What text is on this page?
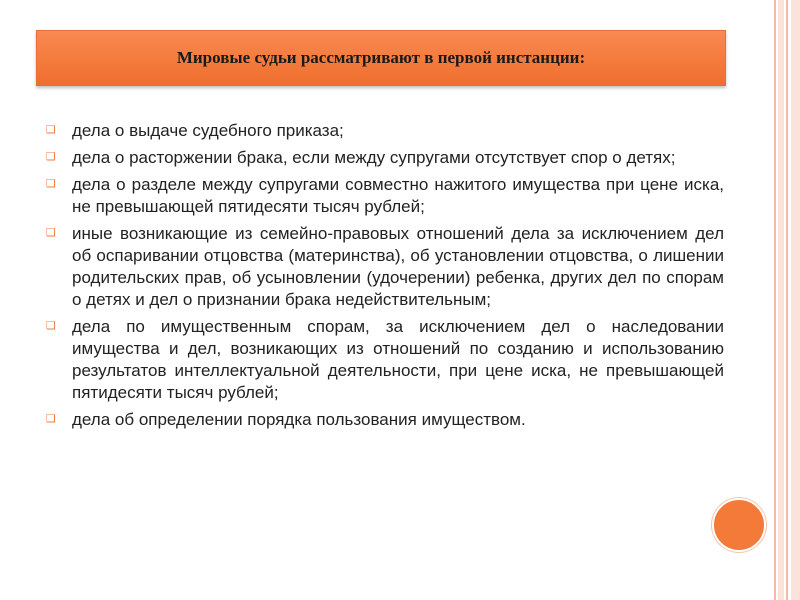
Мировые судьи рассматривают в первой инстанции:
❑ дела о выдаче судебного приказа;
❑ дела о расторжении брака, если между супругами отсутствует спор о детях;
❑ дела о разделе между супругами совместно нажитого имущества при цене иска, не превышающей пятидесяти тысяч рублей;
❑ иные возникающие из семейно-правовых отношений дела за исключением дел об оспаривании отцовства (материнства), об установлении отцовства, о лишении родительских прав, об усыновлении (удочерении) ребенка, других дел по спорам о детях и дел о признании брака недействительным;
❑ дела по имущественным спорам, за исключением дел о наследовании имущества и дел, возникающих из отношений по созданию и использованию результатов интеллектуальной деятельности, при цене иска, не превышающей пятидесяти тысяч рублей;
❑ дела об определении порядка пользования имуществом.
